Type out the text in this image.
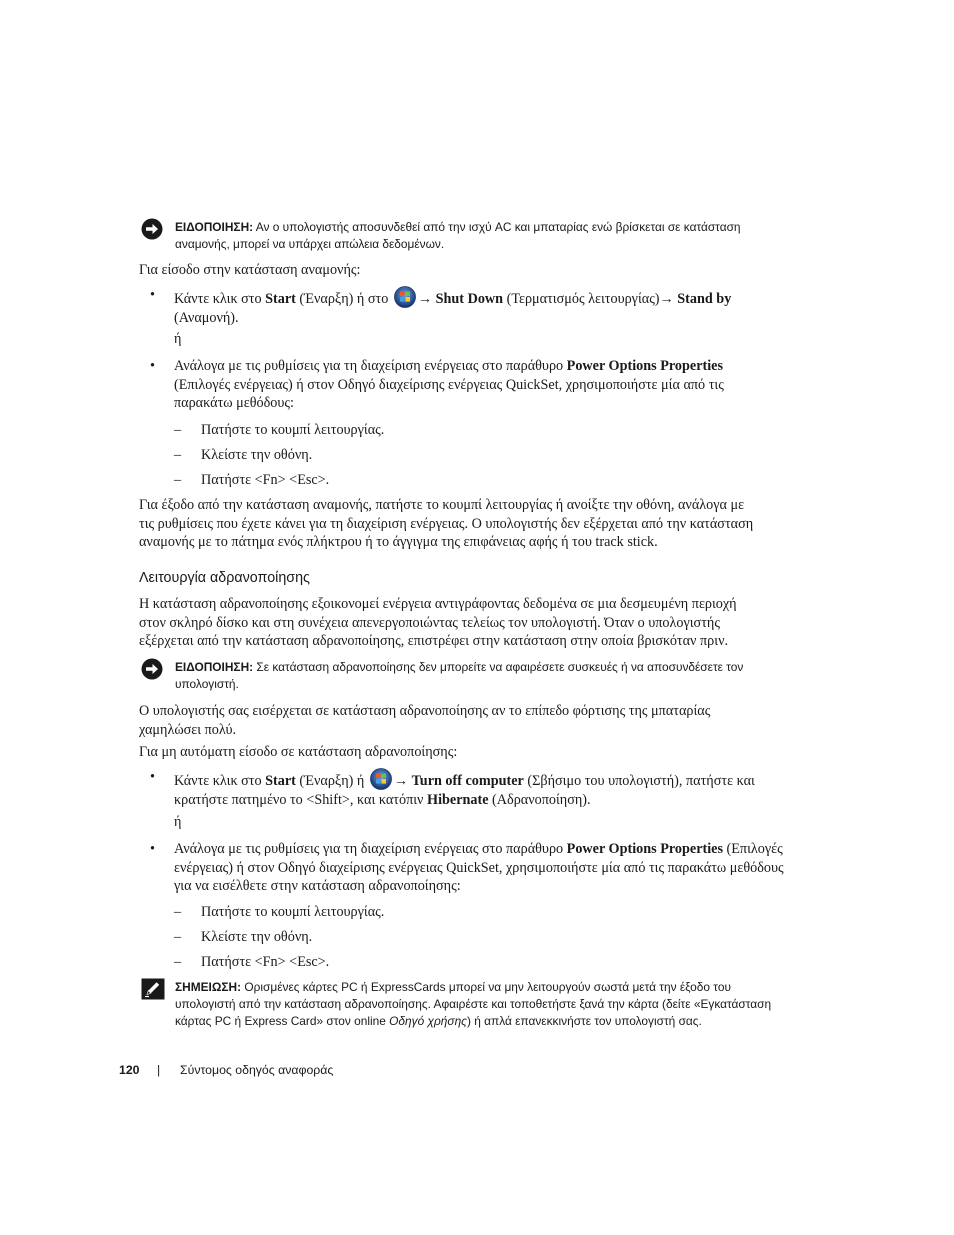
ΕΙΔΟΠΟΙΗΣΗ: Αν ο υπολογιστής αποσυνδεθεί από την ισχύ AC και μπαταρίας ενώ βρίσκεται σε κατάσταση
αναμονής, μπορεί να υπάρχει απώλεια δεδομένων.
Για είσοδο στην κατάσταση αναμονής:
• Κάντε κλικ στο Start (Έναρξη) ή στο → Shut Down (Τερματισμός λειτουργίας)→ Stand by
(Αναμονή).
ή
• Ανάλογα με τις ρυθμίσεις για τη διαχείριση ενέργειας στο παράθυρο Power Options Properties
(Επιλογές ενέργειας) ή στον Οδηγό διαχείρισης ενέργειας QuickSet, χρησιμοποιήστε μία από τις
παρακάτω μεθόδους:
– Πατήστε το κουμπί λειτουργίας.
– Κλείστε την οθόνη.
– Πατήστε <Fn> <Esc>.
Για έξοδο από την κατάσταση αναμονής, πατήστε το κουμπί λειτουργίας ή ανοίξτε την οθόνη, ανάλογα με
τις ρυθμίσεις που έχετε κάνει για τη διαχείριση ενέργειας. Ο υπολογιστής δεν εξέρχεται από την κατάσταση
αναμονής με το πάτημα ενός πλήκτρου ή το άγγιγμα της επιφάνειας αφής ή του track stick.
Λειτουργία αδρανοποίησης
Η κατάσταση αδρανοποίησης εξοικονομεί ενέργεια αντιγράφοντας δεδομένα σε μια δεσμευμένη περιοχή
στον σκληρό δίσκο και στη συνέχεια απενεργοποιώντας τελείως τον υπολογιστή. Όταν ο υπολογιστής
εξέρχεται από την κατάσταση αδρανοποίησης, επιστρέφει στην κατάσταση στην οποία βρισκόταν πριν.
ΕΙΔΟΠΟΙΗΣΗ: Σε κατάσταση αδρανοποίησης δεν μπορείτε να αφαιρέσετε συσκευές ή να αποσυνδέσετε τον
υπολογιστή.
Ο υπολογιστής σας εισέρχεται σε κατάσταση αδρανοποίησης αν το επίπεδο φόρτισης της μπαταρίας
χαμηλώσει πολύ.
Για μη αυτόματη είσοδο σε κατάσταση αδρανοποίησης:
• Κάντε κλικ στο Start (Έναρξη) ή → Turn off computer (Σβήσιμο του υπολογιστή), πατήστε και
κρατήστε πατημένο το <Shift>, και κατόπιν Hibernate (Αδρανοποίηση).
ή
• Ανάλογα με τις ρυθμίσεις για τη διαχείριση ενέργειας στο παράθυρο Power Options Properties (Επιλογές
ενέργειας) ή στον Οδηγό διαχείρισης ενέργειας QuickSet, χρησιμοποιήστε μία από τις παρακάτω μεθόδους
για να εισέλθετε στην κατάσταση αδρανοποίησης:
– Πατήστε το κουμπί λειτουργίας.
– Κλείστε την οθόνη.
– Πατήστε <Fn> <Esc>.
ΣΗΜΕΙΩΣΗ: Ορισμένες κάρτες PC ή ExpressCards μπορεί να μην λειτουργούν σωστά μετά την έξοδο του
υπολογιστή από την κατάσταση αδρανοποίησης. Αφαιρέστε και τοποθετήστε ξανά την κάρτα (δείτε «Εγκατάσταση
κάρτας PC ή Express Card» στον online Οδηγό χρήσης) ή απλά επανεκκινήστε τον υπολογιστή σας.
120 | Σύντομος οδηγός αναφοράς
